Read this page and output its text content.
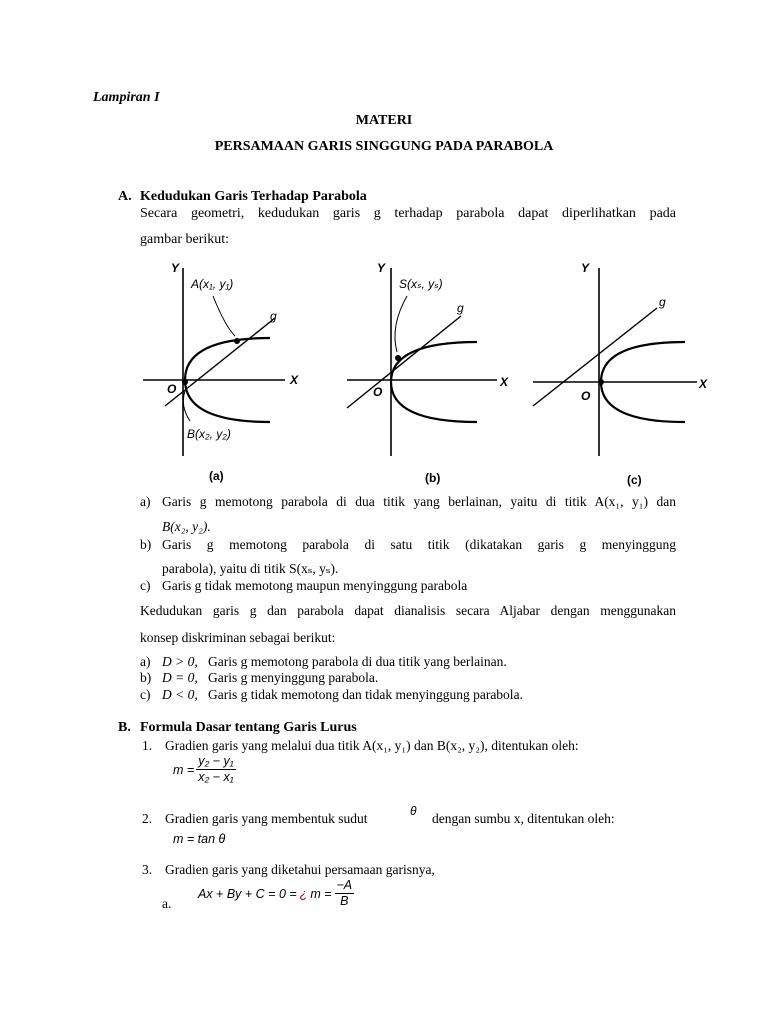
Lampiran I
MATERI
PERSAMAAN GARIS SINGGUNG PADA PARABOLA
A. Kedudukan Garis Terhadap Parabola
Secara geometri, kedudukan garis g terhadap parabola dapat diperlihatkan pada
gambar berikut:
Y
X
O
g
A(x₁, y₁)
B(x₂, y₂)
(a)
Y
X
O
g
S(xₛ, yₛ)
(b)
Y
X
O
g
(c)
a) Garis g memotong parabola di dua titik yang berlainan, yaitu di titik A(x₁, y₁) dan
B(x₂, y₂).
b) Garis g memotong parabola di satu titik (dikatakan garis g menyinggung
parabola), yaitu di titik S(xₛ, yₛ).
c) Garis g tidak memotong maupun menyinggung parabola
Kedudukan garis g dan parabola dapat dianalisis secara Aljabar dengan menggunakan
konsep diskriminan sebagai berikut:
a) D > 0, Garis g memotong parabola di dua titik yang berlainan.
b) D = 0, Garis g menyinggung parabola.
c) D < 0, Garis g tidak memotong dan tidak menyinggung parabola.
B. Formula Dasar tentang Garis Lurus
1. Gradien garis yang melalui dua titik A(x₁, y₁) dan B(x₂, y₂), ditentukan oleh:
$m = \frac{\text{y₂ − y₁}}{\text{x₂ − x₁}}$
2. Gradien garis yang membentuk sudut	θ dengan sumbu x, ditentukan oleh:
m = tan θ
3. Gradien garis yang diketahui persamaan garisnya,
a.
Ax + By + C = 0 = ¿ $m = \frac{-A}{B}$
